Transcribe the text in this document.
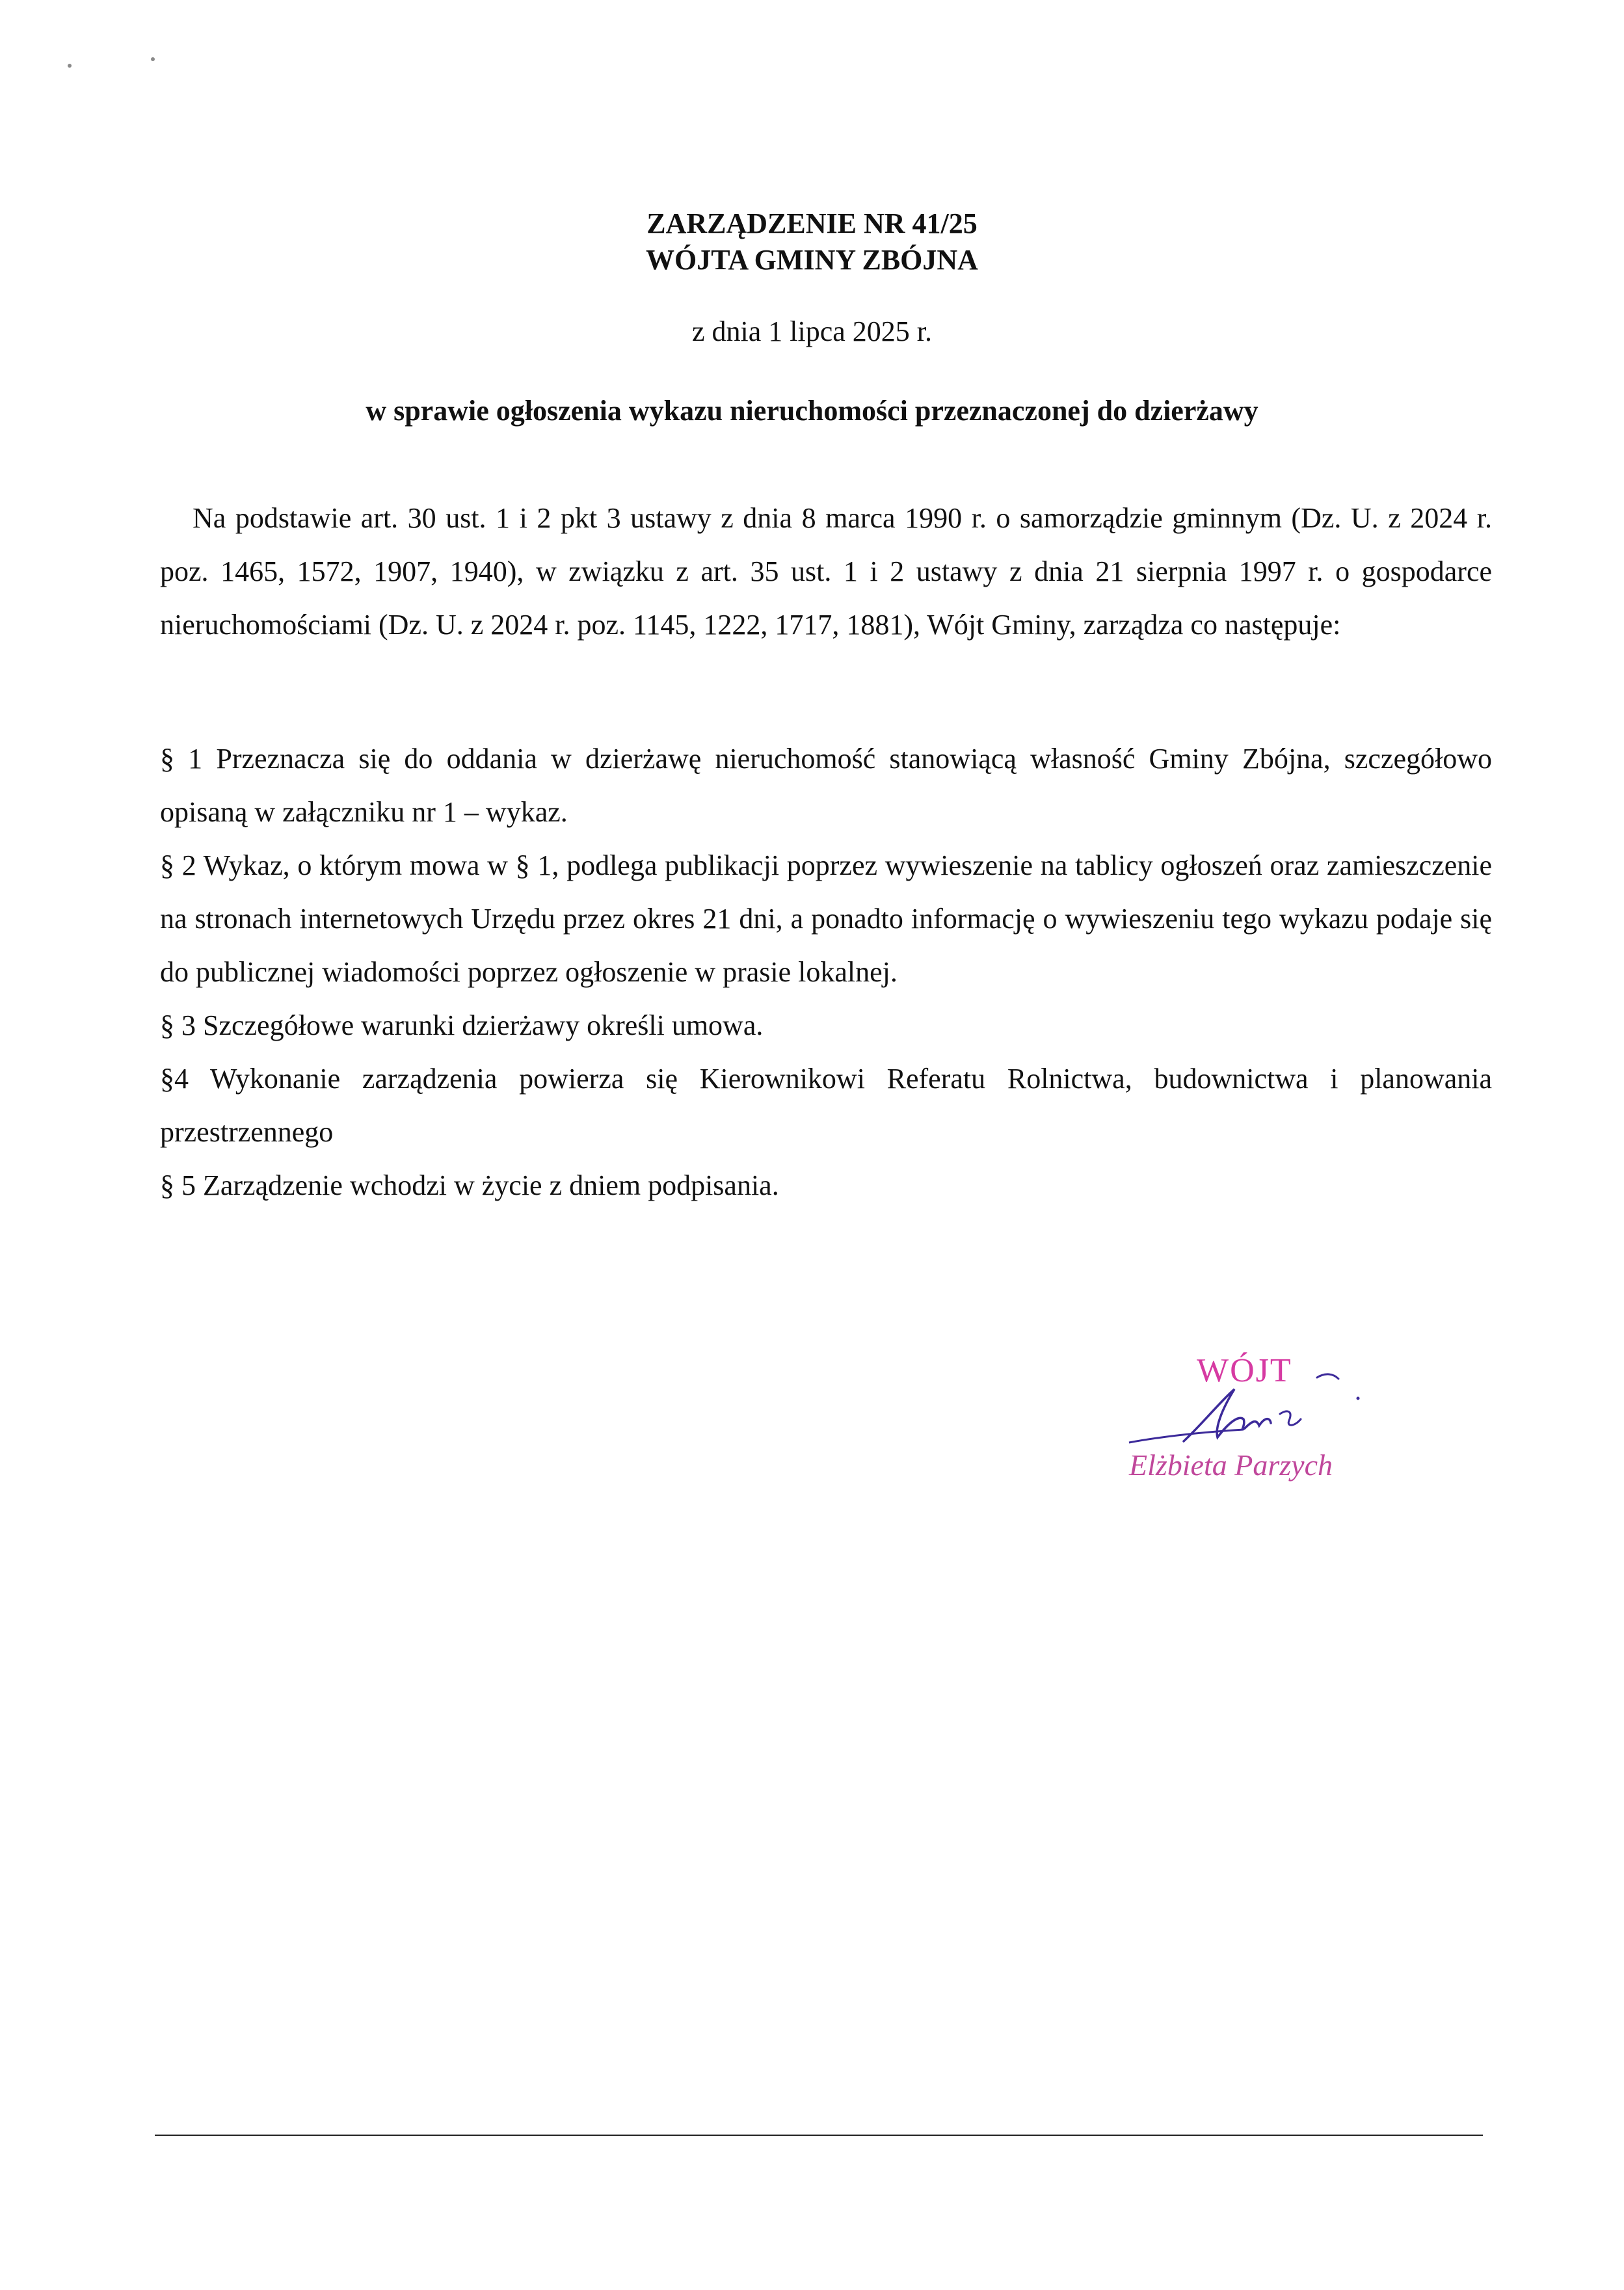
ZARZĄDZENIE NR 41/25
WÓJTA GMINY ZBÓJNA
z dnia 1 lipca 2025 r.
w sprawie ogłoszenia wykazu nieruchomości przeznaczonej do dzierżawy

Na podstawie art. 30 ust. 1 i 2 pkt 3 ustawy z dnia 8 marca 1990 r. o samorządzie gminnym (Dz. U. z 2024 r. poz. 1465, 1572, 1907, 1940), w związku z art. 35 ust. 1 i 2 ustawy z dnia 21 sierpnia 1997 r. o gospodarce nieruchomościami (Dz. U. z 2024 r. poz. 1145, 1222, 1717, 1881), Wójt Gminy, zarządza co następuje:

§ 1 Przeznacza się do oddania w dzierżawę nieruchomość stanowiącą własność Gminy Zbójna, szczegółowo opisaną w załączniku nr 1 – wykaz.

§ 2 Wykaz, o którym mowa w § 1, podlega publikacji poprzez wywieszenie na tablicy ogłoszeń oraz zamieszczenie na stronach internetowych Urzędu przez okres 21 dni, a ponadto informację o wywieszeniu tego wykazu podaje się do publicznej wiadomości poprzez ogłoszenie w prasie lokalnej.

§ 3 Szczegółowe warunki dzierżawy określi umowa.

§4 Wykonanie zarządzenia powierza się Kierownikowi Referatu Rolnictwa, budownictwa i planowania przestrzennego

§ 5 Zarządzenie wchodzi w życie z dniem podpisania.

WÓJT
Elżbieta Parzych
